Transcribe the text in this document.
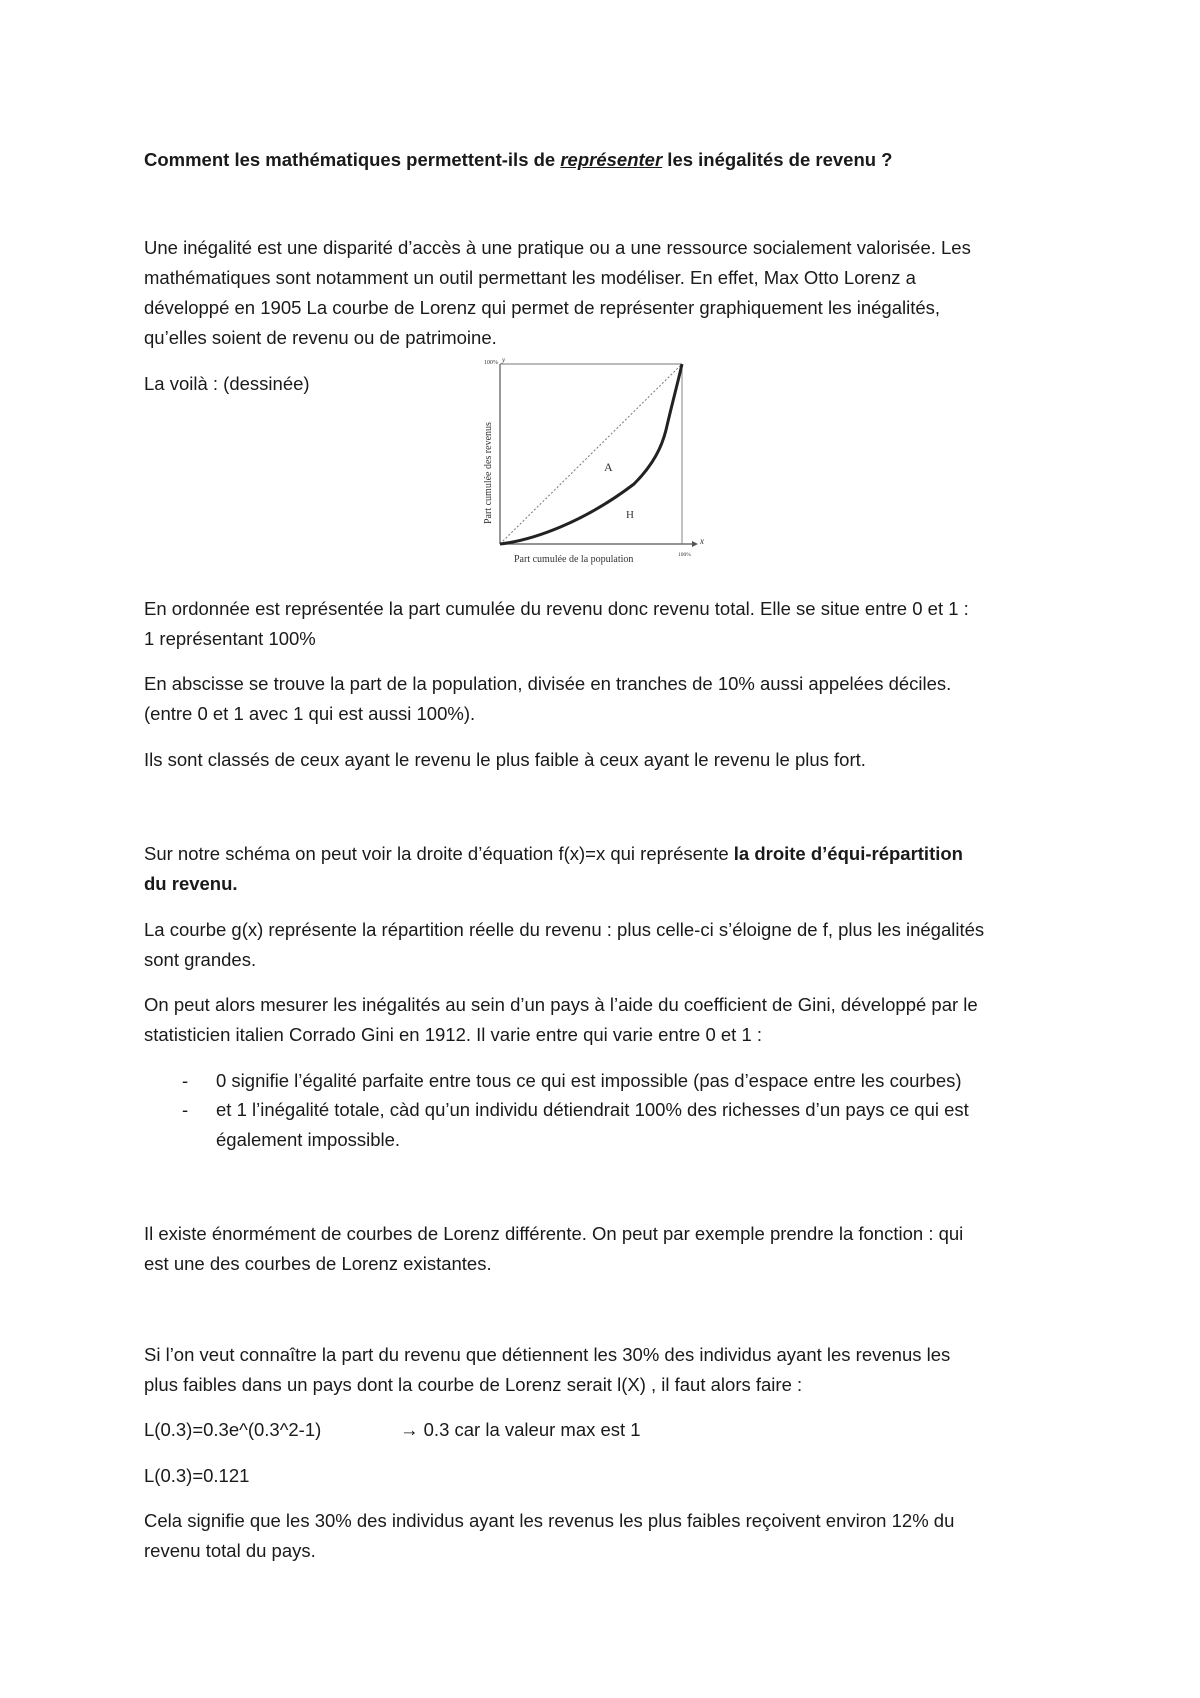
Comment les mathématiques permettent-ils de représenter les inégalités de revenu ?

Une inégalité est une disparité d’accès à une pratique ou a une ressource socialement valorisée. Les

mathématiques sont notamment un outil permettant les modéliser. En effet, Max Otto Lorenz a

développé en 1905 La courbe de Lorenz qui permet de représenter graphiquement les inégalités,

qu’elles soient de revenu ou de patrimoine.

La voilà : (dessinée)

100% y
x
100%
A
H
Part cumulée de la population
Part cumulée des revenus

En ordonnée est représentée la part cumulée du revenu donc revenu total. Elle se situe entre 0 et 1 :

1 représentant 100%

En abscisse se trouve la part de la population, divisée en tranches de 10% aussi appelées déciles.

(entre 0 et 1 avec 1 qui est aussi 100%).

Ils sont classés de ceux ayant le revenu le plus faible à ceux ayant le revenu le plus fort.

Sur notre schéma on peut voir la droite d’équation f(x)=x qui représente la droite d’équi-répartition

du revenu.

La courbe g(x) représente la répartition réelle du revenu : plus celle-ci s’éloigne de f, plus les inégalités

sont grandes.

On peut alors mesurer les inégalités au sein d’un pays à l’aide du coefficient de Gini, développé par le

statisticien italien Corrado Gini en 1912. Il varie entre qui varie entre 0 et 1 :

- 0 signifie l’égalité parfaite entre tous ce qui est impossible (pas d’espace entre les courbes)
- et 1 l’inégalité totale, càd qu’un individu détiendrait 100% des richesses d’un pays ce qui est
également impossible.

Il existe énormément de courbes de Lorenz différente. On peut par exemple prendre la fonction : qui

est une des courbes de Lorenz existantes.

Si l’on veut connaître la part du revenu que détiennent les 30% des individus ayant les revenus les

plus faibles dans un pays dont la courbe de Lorenz serait l(X) , il faut alors faire :

L(0.3)=0.3e^(0.3^2-1)	→ 0.3 car la valeur max est 1

L(0.3)=0.121

Cela signifie que les 30% des individus ayant les revenus les plus faibles reçoivent environ 12% du

revenu total du pays.
